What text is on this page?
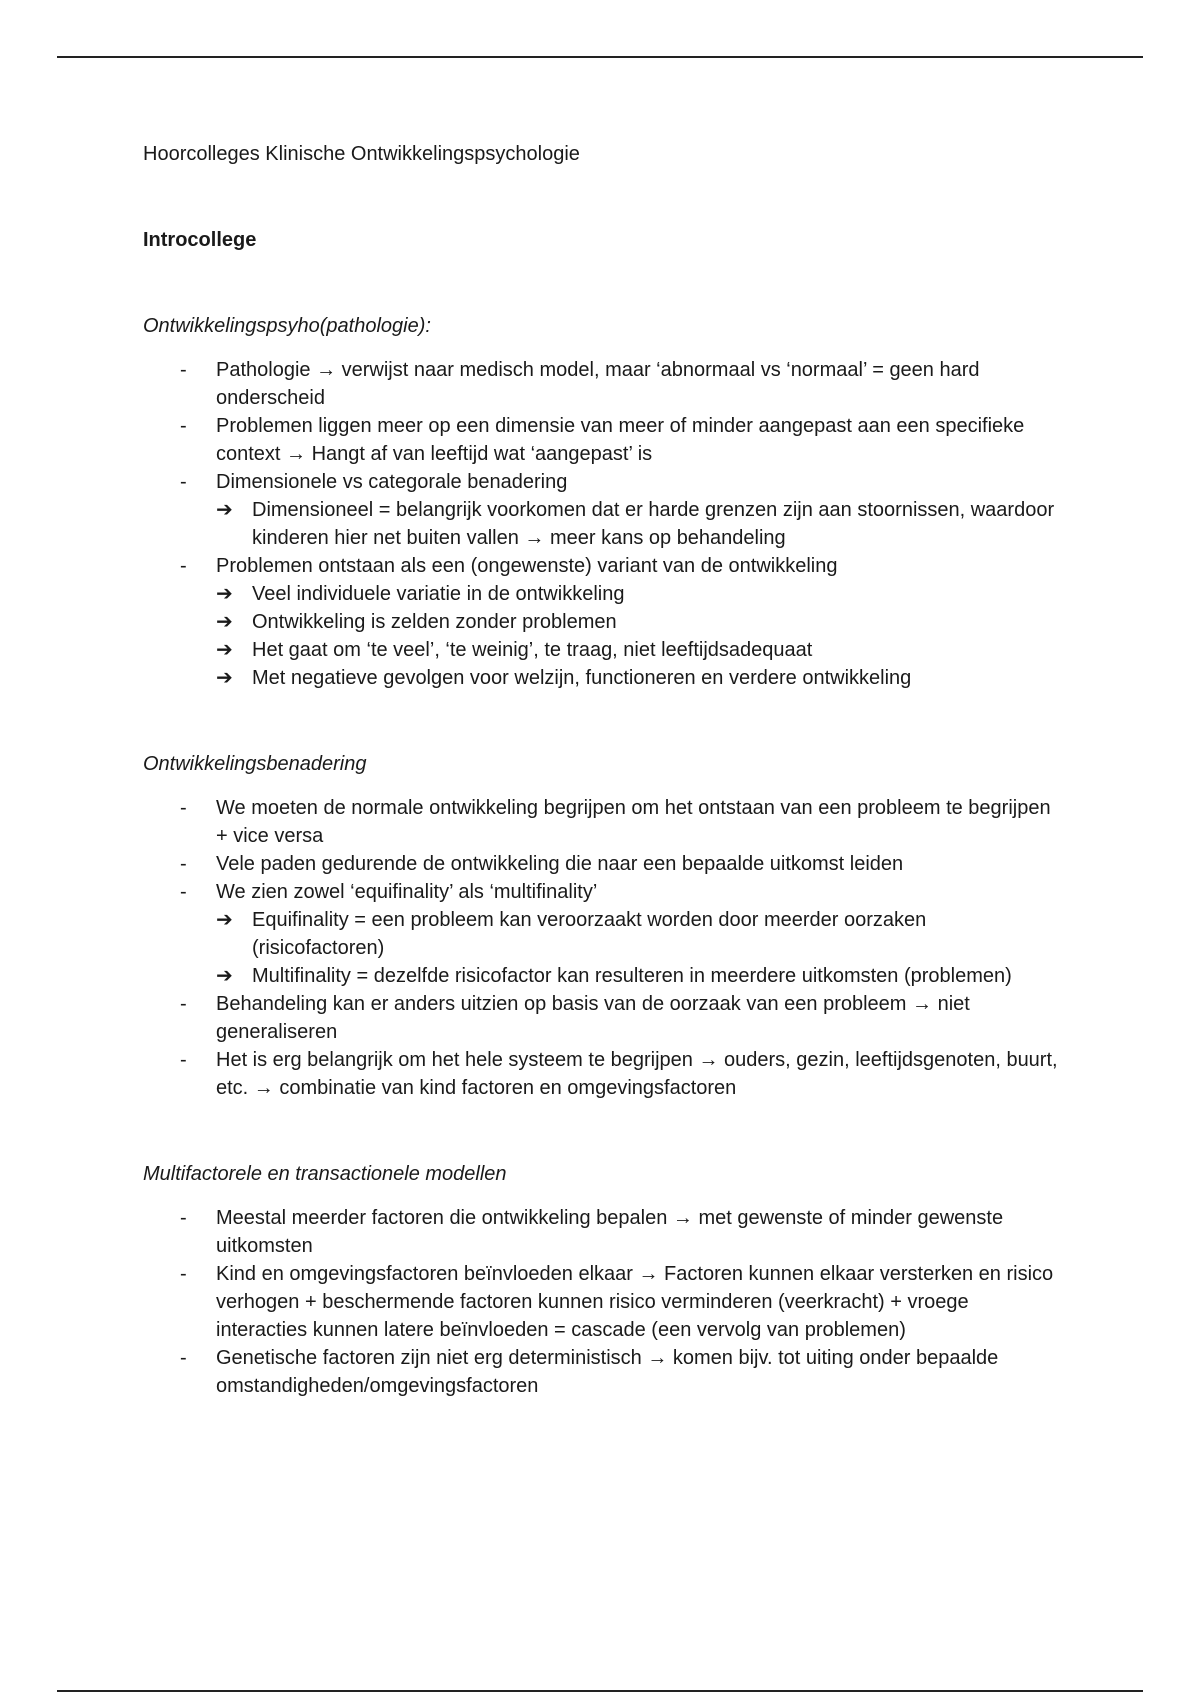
Hoorcolleges Klinische Ontwikkelingspsychologie

Introcollege

Ontwikkelingspsyho(pathologie):

- Pathologie → verwijst naar medisch model, maar ‘abnormaal vs ‘normaal’ = geen hard onderscheid
- Problemen liggen meer op een dimensie van meer of minder aangepast aan een specifieke context → Hangt af van leeftijd wat ‘aangepast’ is
- Dimensionele vs categorale benadering
➔ Dimensioneel = belangrijk voorkomen dat er harde grenzen zijn aan stoornissen, waardoor kinderen hier net buiten vallen → meer kans op behandeling
- Problemen ontstaan als een (ongewenste) variant van de ontwikkeling
➔ Veel individuele variatie in de ontwikkeling
➔ Ontwikkeling is zelden zonder problemen
➔ Het gaat om ‘te veel’, ‘te weinig’, te traag, niet leeftijdsadequaat
➔ Met negatieve gevolgen voor welzijn, functioneren en verdere ontwikkeling

Ontwikkelingsbenadering

- We moeten de normale ontwikkeling begrijpen om het ontstaan van een probleem te begrijpen + vice versa
- Vele paden gedurende de ontwikkeling die naar een bepaalde uitkomst leiden
- We zien zowel ‘equifinality’ als ‘multifinality’
➔ Equifinality = een probleem kan veroorzaakt worden door meerder oorzaken (risicofactoren)
➔ Multifinality = dezelfde risicofactor kan resulteren in meerdere uitkomsten (problemen)
- Behandeling kan er anders uitzien op basis van de oorzaak van een probleem → niet generaliseren
- Het is erg belangrijk om het hele systeem te begrijpen → ouders, gezin, leeftijdsgenoten, buurt, etc. → combinatie van kind factoren en omgevingsfactoren

Multifactorele en transactionele modellen

- Meestal meerder factoren die ontwikkeling bepalen → met gewenste of minder gewenste uitkomsten
- Kind en omgevingsfactoren beïnvloeden elkaar → Factoren kunnen elkaar versterken en risico verhogen + beschermende factoren kunnen risico verminderen (veerkracht) + vroege interacties kunnen latere beïnvloeden = cascade (een vervolg van problemen)
- Genetische factoren zijn niet erg deterministisch → komen bijv. tot uiting onder bepaalde omstandigheden/omgevingsfactoren
